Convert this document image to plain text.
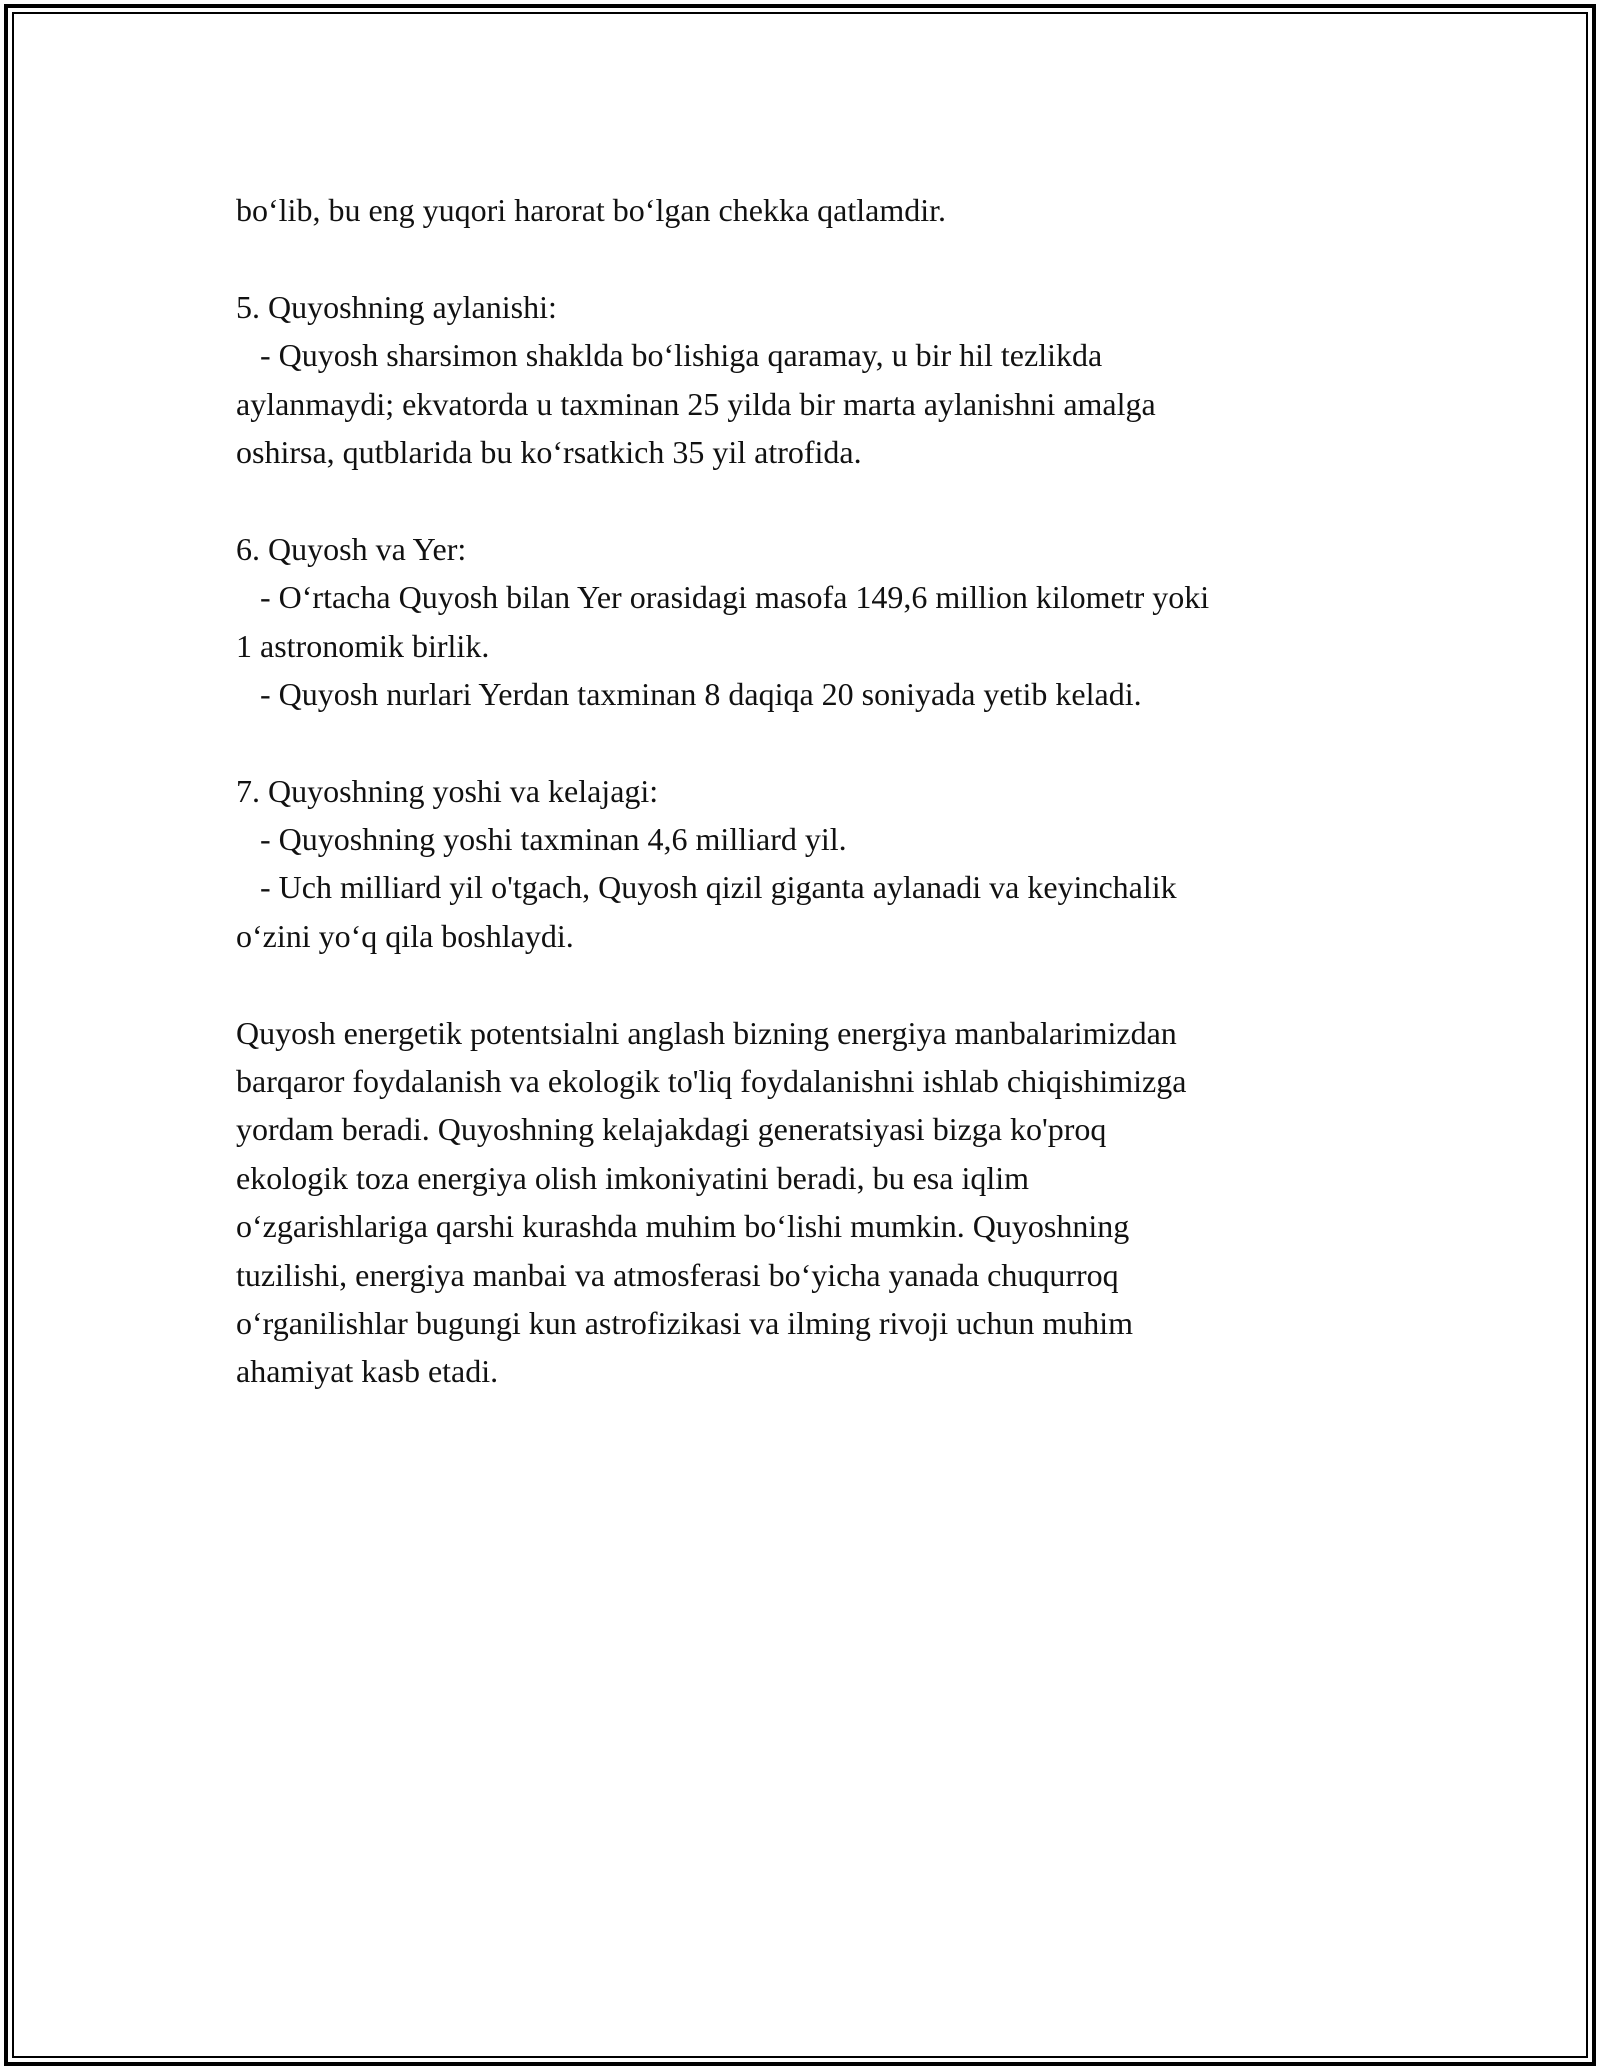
bo‘lib, bu eng yuqori harorat bo‘lgan chekka qatlamdir.
5. Quyoshning aylanishi:
- Quyosh sharsimon shaklda bo‘lishiga qaramay, u bir hil tezlikda
aylanmaydi; ekvatorda u taxminan 25 yilda bir marta aylanishni amalga
oshirsa, qutblarida bu ko‘rsatkich 35 yil atrofida.
6. Quyosh va Yer:
- O‘rtacha Quyosh bilan Yer orasidagi masofa 149,6 million kilometr yoki
1 astronomik birlik.
- Quyosh nurlari Yerdan taxminan 8 daqiqa 20 soniyada yetib keladi.
7. Quyoshning yoshi va kelajagi:
- Quyoshning yoshi taxminan 4,6 milliard yil.
- Uch milliard yil o'tgach, Quyosh qizil giganta aylanadi va keyinchalik
o‘zini yo‘q qila boshlaydi.
Quyosh energetik potentsialni anglash bizning energiya manbalarimizdan
barqaror foydalanish va ekologik to'liq foydalanishni ishlab chiqishimizga
yordam beradi. Quyoshning kelajakdagi generatsiyasi bizga ko'proq
ekologik toza energiya olish imkoniyatini beradi, bu esa iqlim
o‘zgarishlariga qarshi kurashda muhim bo‘lishi mumkin. Quyoshning
tuzilishi, energiya manbai va atmosferasi bo‘yicha yanada chuqurroq
o‘rganilishlar bugungi kun astrofizikasi va ilming rivoji uchun muhim
ahamiyat kasb etadi.
